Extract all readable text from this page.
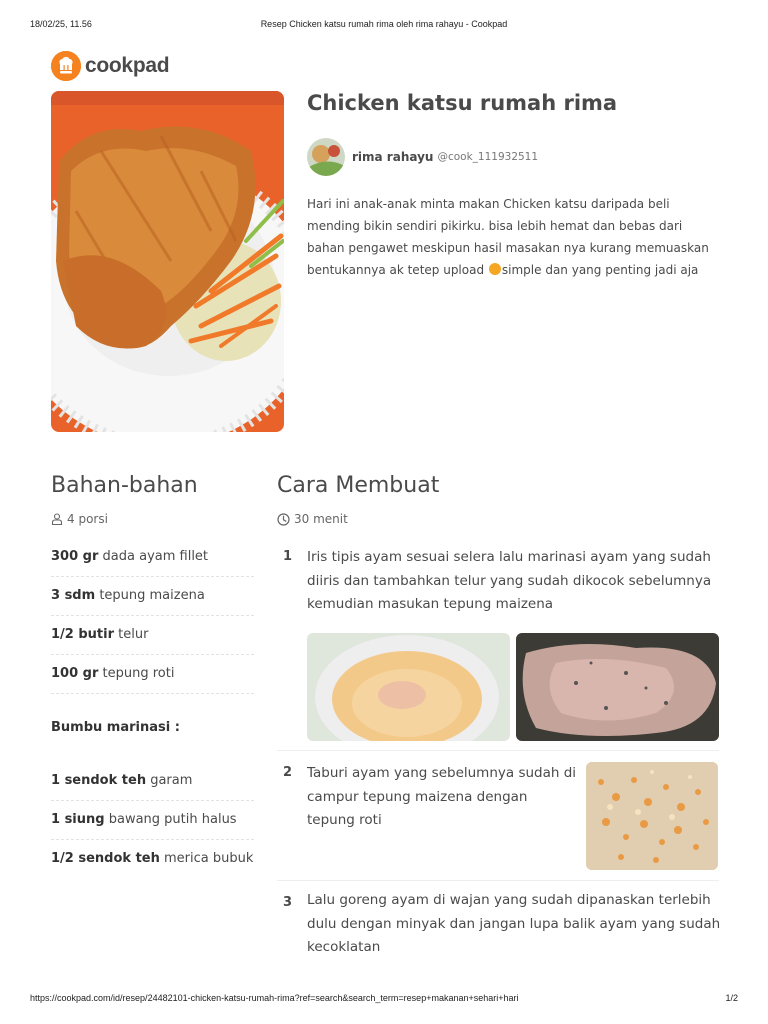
18/02/25, 11.56	Resep Chicken katsu rumah rima oleh rima rahayu - Cookpad
cookpad
Chicken katsu rumah rima
rima rahayu @cook_111932511
Hari ini anak-anak minta makan Chicken katsu daripada beli mending bikin sendiri pikirku. bisa lebih hemat dan bebas dari bahan pengawet meskipun hasil masakan nya kurang memuaskan bentukannya ak tetep upload simple dan yang penting jadi aja
Bahan-bahan
4 porsi
300 gr dada ayam fillet
3 sdm tepung maizena
1/2 butir telur
100 gr tepung roti
Bumbu marinasi :
1 sendok teh garam
1 siung bawang putih halus
1/2 sendok teh merica bubuk
Cara Membuat
30 menit
1 Iris tipis ayam sesuai selera lalu marinasi ayam yang sudah diiris dan tambahkan telur yang sudah dikocok sebelumnya kemudian masukan tepung maizena
2 Taburi ayam yang sebelumnya sudah di campur tepung maizena dengan tepung roti
3 Lalu goreng ayam di wajan yang sudah dipanaskan terlebih dulu dengan minyak dan jangan lupa balik ayam yang sudah kecoklatan
https://cookpad.com/id/resep/24482101-chicken-katsu-rumah-rima?ref=search&search_term=resep+makanan+sehari+hari	1/2
